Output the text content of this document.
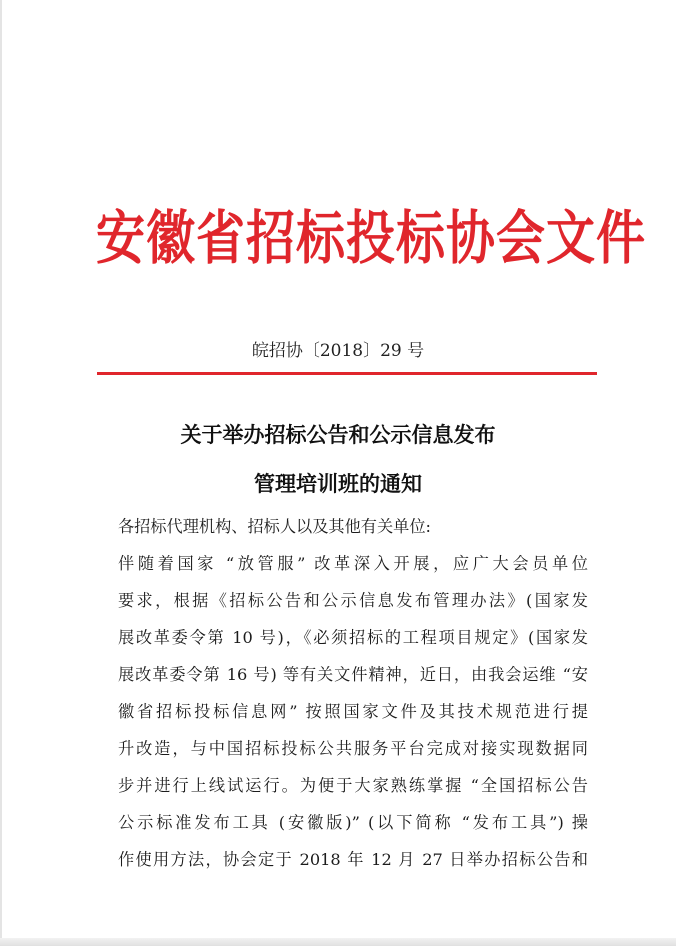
安徽省招标投标协会文件
皖招协〔2018〕29 号
关于举办招标公告和公示信息发布
管理培训班的通知
各招标代理机构、招标人以及其他有关单位:
伴随着国家 “放管服” 改革深入开展，应广大会员单位
要求，根据《招标公告和公示信息发布管理办法》(国家发
展改革委令第 10 号)，《必须招标的工程项目规定》(国家发
展改革委令第 16 号) 等有关文件精神，近日，由我会运维 “安
徽省招标投标信息网” 按照国家文件及其技术规范进行提
升改造，与中国招标投标公共服务平台完成对接实现数据同
步并进行上线试运行。为便于大家熟练掌握 “全国招标公告
公示标准发布工具 (安徽版)” (以下简称 “发布工具”) 操
作使用方法，协会定于 2018 年 12 月 27 日举办招标公告和
